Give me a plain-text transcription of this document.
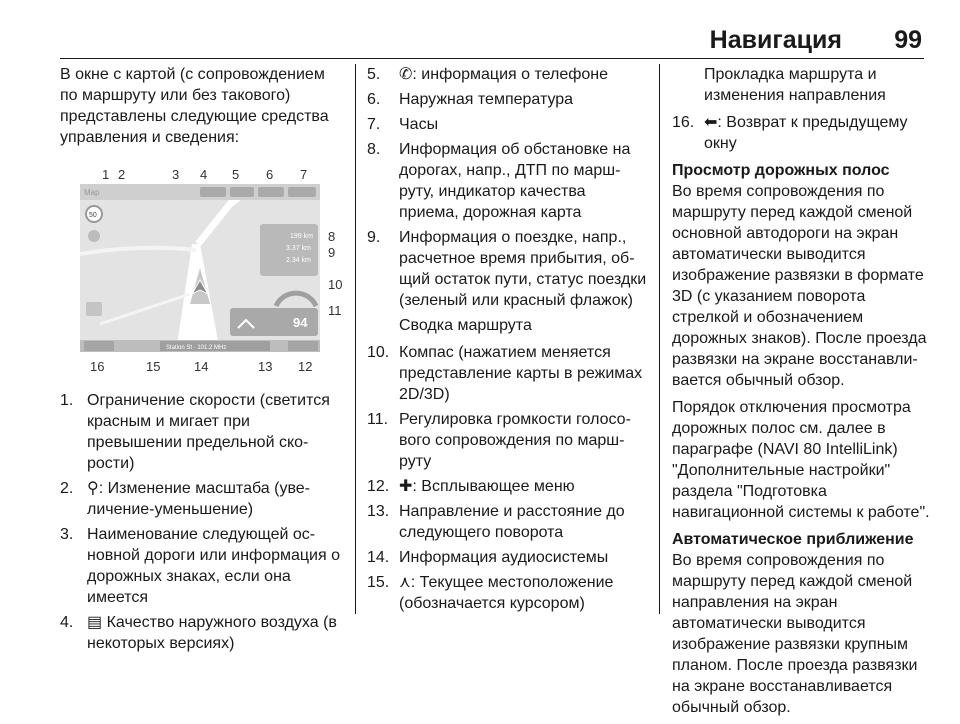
Навигация 99

В окне с картой (с сопровождением по маршруту или без такового) представлены следующие средства управления и сведения:

1 2	3 4 5 6 7
8
9
10
11
12
13
14
15
16
Map
50
199 km
3.37 km
2.34 km
94
Station St · 101.2 MHz
1. Ограничение скорости (светится красным и мигает при превышении предельной скорости)
2. ⚲: Изменение масштаба (увеличение-уменьшение)
3. Наименование следующей основной дороги или информация о дорожных знаках, если она имеется
4. ▤ Качество наружного воздуха (в некоторых версиях)
5. ✆: информация о телефоне
6. Наружная температура
7. Часы
8. Информация об обстановке на дорогах, напр., ДТП по маршруту, индикатор качества приема, дорожная карта
9. Информация о поездке, напр., расчетное время прибытия, общий остаток пути, статус поездки (зеленый или красный флажок)

Сводка маршрута

10. Компас (нажатием меняется представление карты в режимах 2D/3D)
11. Регулировка громкости голосового сопровождения по маршруту
12. ✚: Всплывающее меню
13. Направление и расстояние до следующего поворота
14. Информация аудиосистемы
15. ⋏: Текущее местоположение (обозначается курсором)

Прокладка маршрута и изменения направления

16. ⬅: Возврат к предыдущему окну

Просмотр дорожных полос

Во время сопровождения по маршруту перед каждой сменой основной автодороги на экран автоматически выводится изображение развязки в формате 3D (с указанием поворота стрелкой и обозначением дорожных знаков). После проезда развязки на экране восстанавливается обычный обзор.

Порядок отключения просмотра дорожных полос см. далее в параграфе (NAVI 80 IntelliLink) "Дополнительные настройки" раздела "Подготовка навигационной системы к работе".

Автоматическое приближение

Во время сопровождения по маршруту перед каждой сменой направления на экран автоматически выводится изображение развязки крупным планом. После проезда развязки на экране восстанавливается обычный обзор.
